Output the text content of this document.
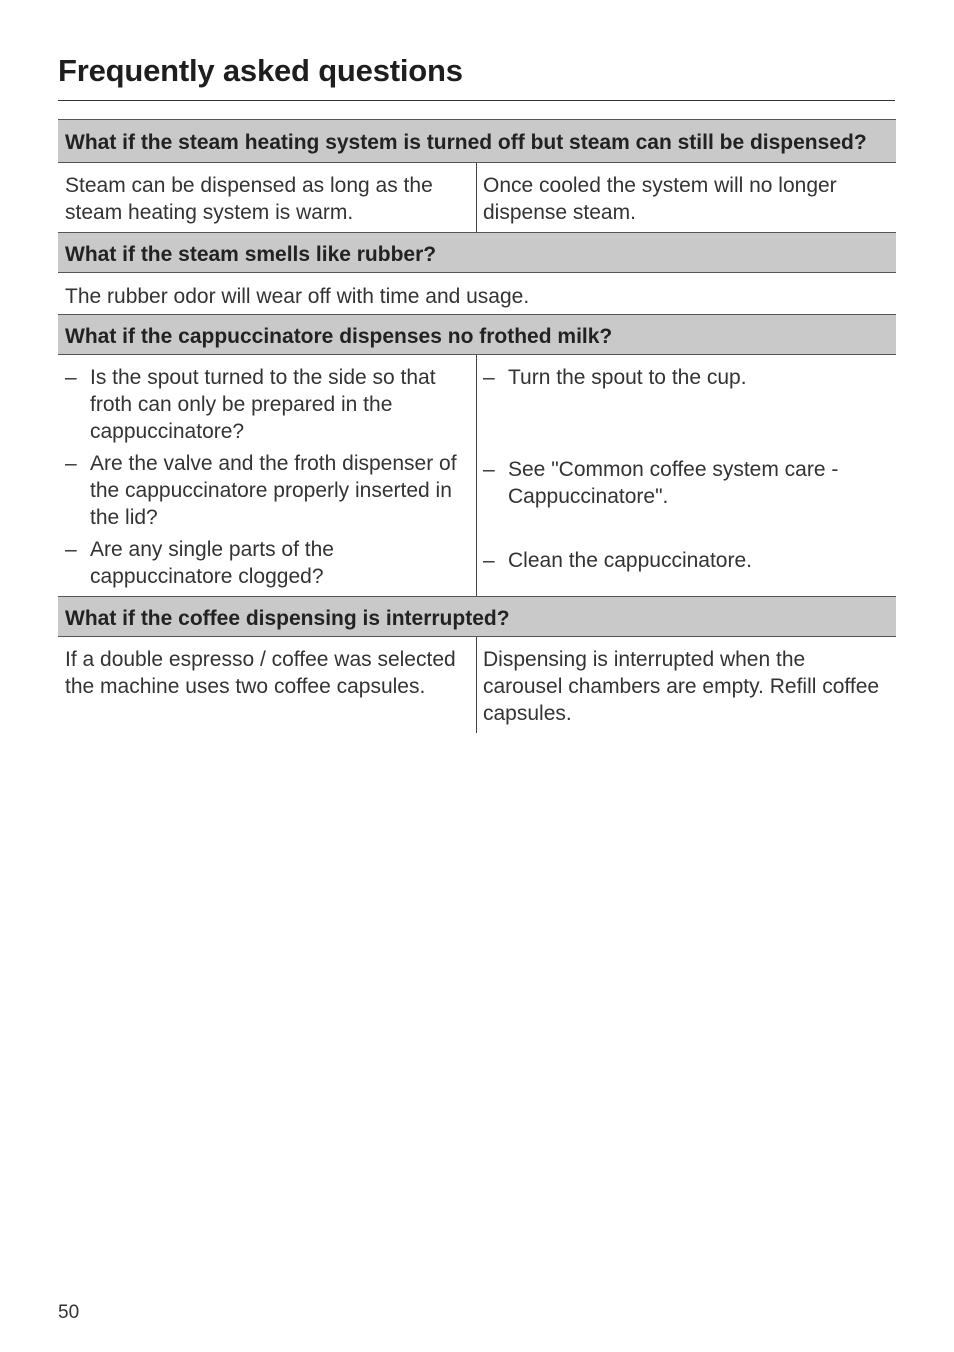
Frequently asked questions
What if the steam heating system is turned off but steam can still be dispensed?
Steam can be dispensed as long as the steam heating system is warm.
Once cooled the system will no longer dispense steam.
What if the steam smells like rubber?
The rubber odor will wear off with time and usage.
What if the cappuccinatore dispenses no frothed milk?
– Is the spout turned to the side so that froth can only be prepared in the cappuccinatore?
– Are the valve and the froth dispenser of the cappuccinatore properly inserted in the lid?
– Are any single parts of the cappuccinatore clogged?
– Turn the spout to the cup.
– See "Common coffee system care - Cappuccinatore".
– Clean the cappuccinatore.
What if the coffee dispensing is interrupted?
If a double espresso / coffee was selected the machine uses two coffee capsules.
Dispensing is interrupted when the carousel chambers are empty. Refill coffee capsules.
50
